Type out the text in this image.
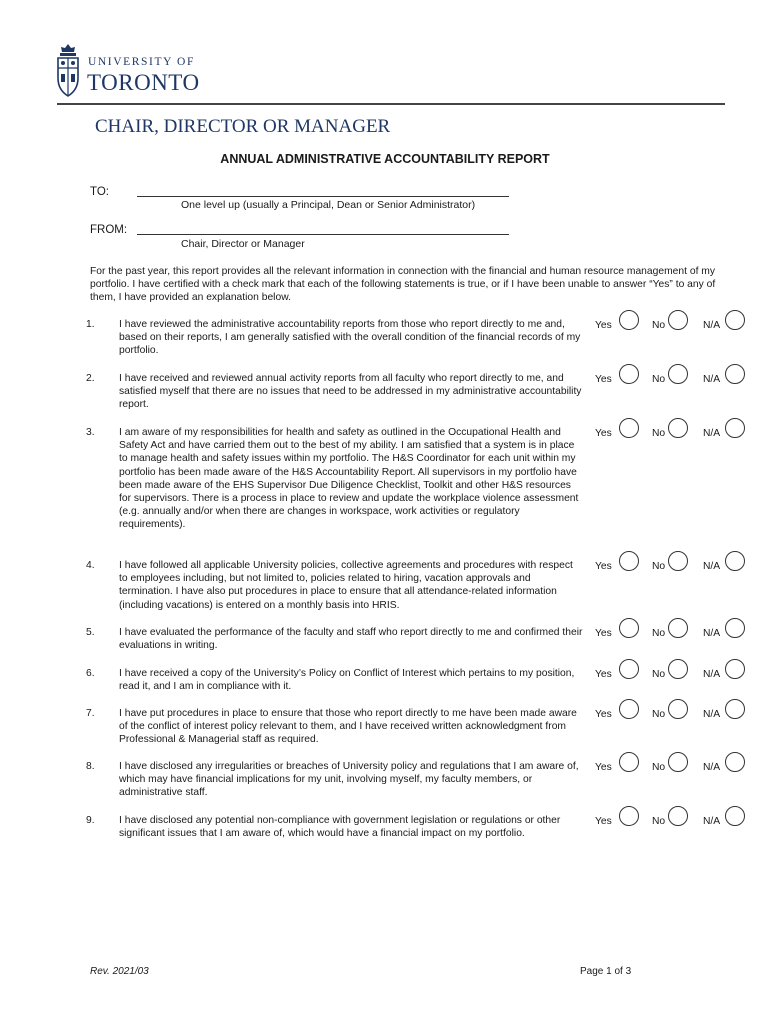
UNIVERSITY OF
TORONTO
CHAIR, DIRECTOR OR MANAGER
ANNUAL ADMINISTRATIVE ACCOUNTABILITY REPORT
TO:
One level up (usually a Principal, Dean or Senior Administrator)
FROM:
Chair, Director or Manager
For the past year, this report provides all the relevant information in connection with the financial and human resource management of my portfolio. I have certified with a check mark that each of the following statements is true, or if I have been unable to answer “Yes” to any of them, I have provided an explanation below.
1. I have reviewed the administrative accountability reports from those who report directly to me and, based on their reports, I am generally satisfied with the overall condition of the financial records of my portfolio.
Yes	No	N/A
2. I have received and reviewed annual activity reports from all faculty who report directly to me, and satisfied myself that there are no issues that need to be addressed in my administrative accountability report.
Yes	No	N/A
3. I am aware of my responsibilities for health and safety as outlined in the Occupational Health and Safety Act and have carried them out to the best of my ability. I am satisfied that a system is in place to manage health and safety issues within my portfolio. The H&S Coordinator for each unit within my portfolio has been made aware of the H&S Accountability Report. All supervisors in my portfolio have been made aware of the EHS Supervisor Due Diligence Checklist, Toolkit and other H&S resources for supervisors. There is a process in place to review and update the workplace violence assessment (e.g. annually and/or when there are changes in workspace, work activities or regulatory requirements).
Yes	No	N/A
4. I have followed all applicable University policies, collective agreements and procedures with respect to employees including, but not limited to, policies related to hiring, vacation approvals and termination. I have also put procedures in place to ensure that all attendance-related information (including vacations) is entered on a monthly basis into HRIS.
Yes	No	N/A
5. I have evaluated the performance of the faculty and staff who report directly to me and confirmed their evaluations in writing.
Yes	No	N/A
6. I have received a copy of the University’s Policy on Conflict of Interest which pertains to my position, read it, and I am in compliance with it.
Yes	No	N/A
7. I have put procedures in place to ensure that those who report directly to me have been made aware of the conflict of interest policy relevant to them, and I have received written acknowledgment from Professional & Managerial staff as required.
Yes	No	N/A
8. I have disclosed any irregularities or breaches of University policy and regulations that I am aware of, which may have financial implications for my unit, involving myself, my faculty members, or administrative staff.
Yes	No	N/A
9. I have disclosed any potential non-compliance with government legislation or regulations or other significant issues that I am aware of, which would have a financial impact on my portfolio.
Yes	No	N/A
Rev. 2021/03	Page 1 of 3
